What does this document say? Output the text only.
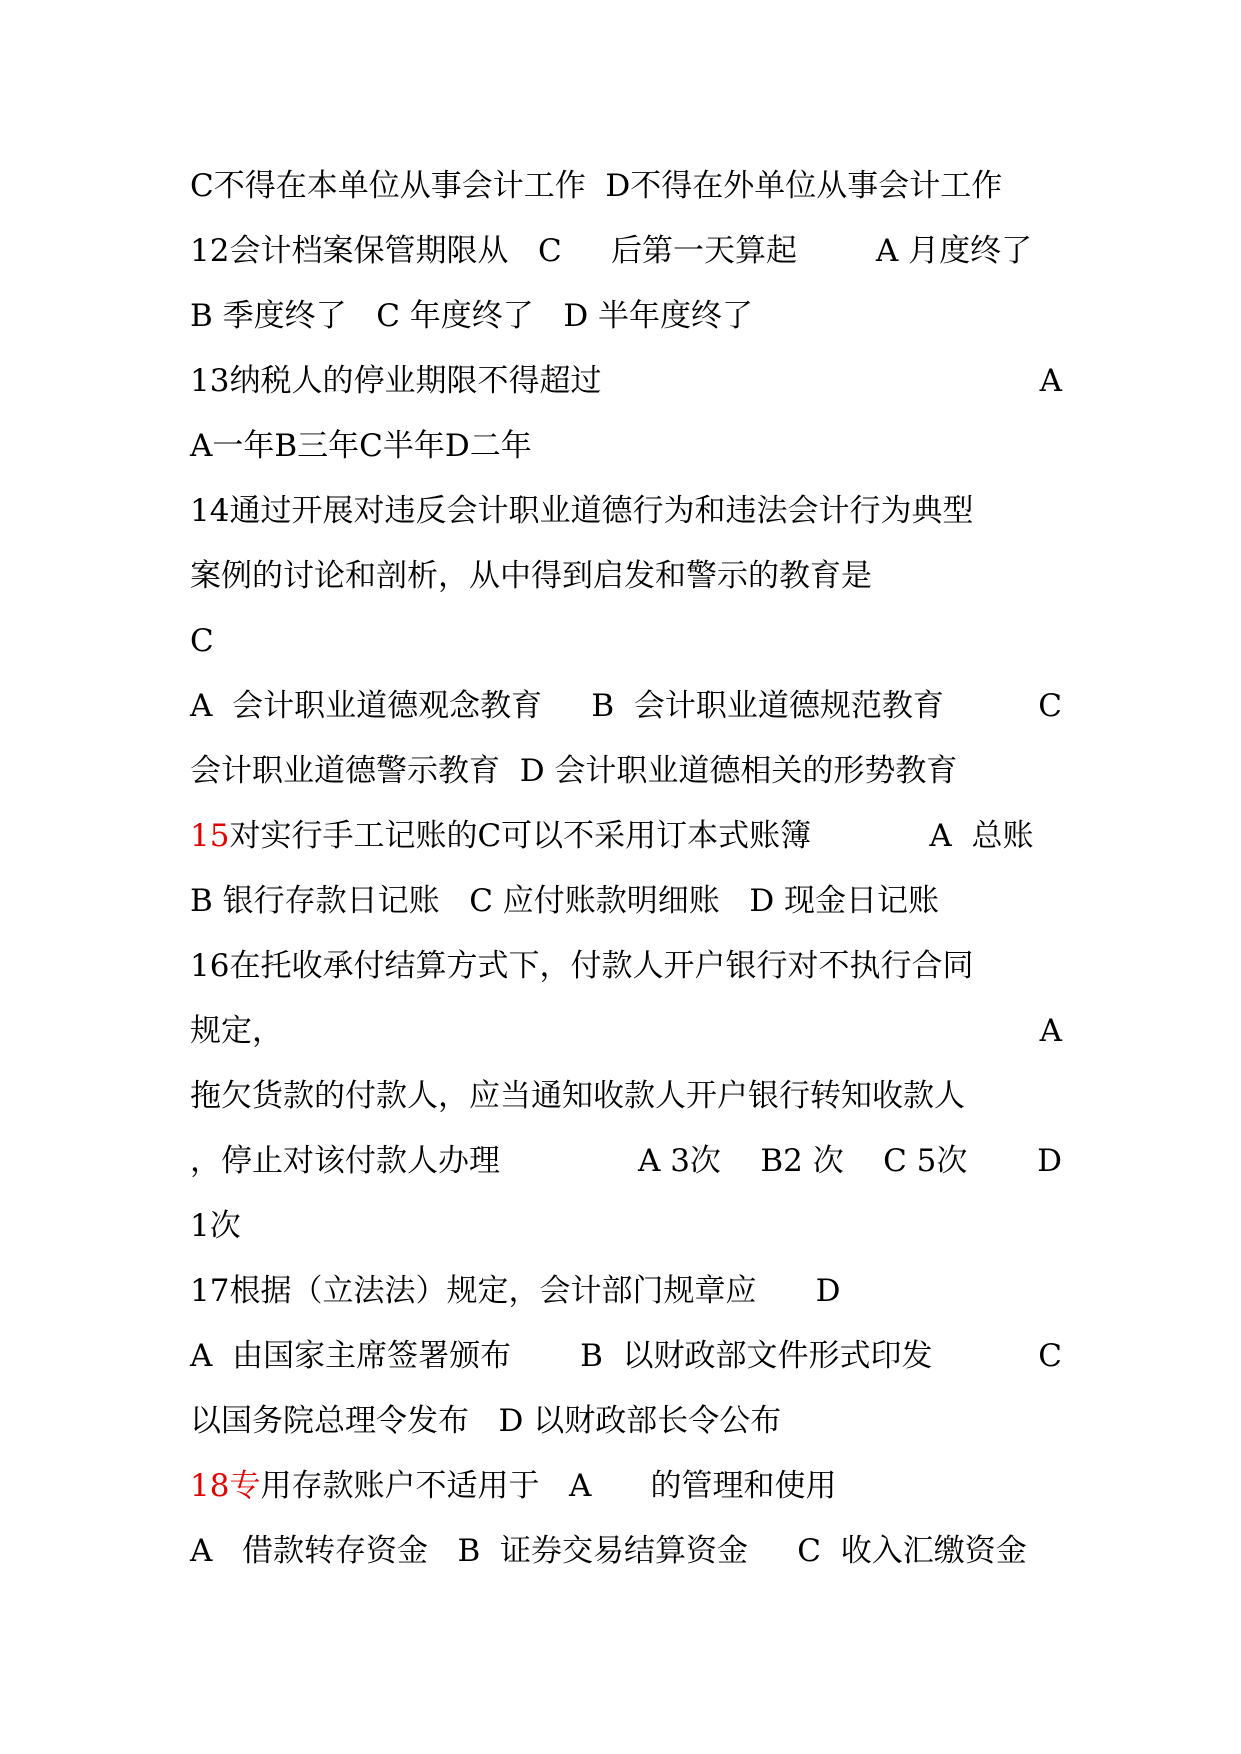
C不得在本单位从事会计工作  D不得在外单位从事会计工作
12会计档案保管期限从   C     后第一天算起        A 月度终了
B 季度终了   C 年度终了   D 半年度终了
13纳税人的停业期限不得超过	A
A一年B三年C半年D二年
14通过开展对违反会计职业道德行为和违法会计行为典型
案例的讨论和剖析，从中得到启发和警示的教育是
C
A  会计职业道德观念教育     B  会计职业道德规范教育	C
会计职业道德警示教育  D 会计职业道德相关的形势教育
15对实行手工记账的C可以不采用订本式账簿            A  总账
B 银行存款日记账   C 应付账款明细账   D 现金日记账
16在托收承付结算方式下，付款人开户银行对不执行合同
规定，	A
拖欠货款的付款人，应当通知收款人开户银行转知收款人
，停止对该付款人办理              A 3次    B2 次    C 5次 D
1次
17根据（立法法）规定，会计部门规章应      D
A  由国家主席签署颁布       B  以财政部文件形式印发	C
以国务院总理令发布   D 以财政部长令公布
18专用存款账户不适用于   A      的管理和使用
A   借款转存资金   B  证券交易结算资金     C  收入汇缴资金
